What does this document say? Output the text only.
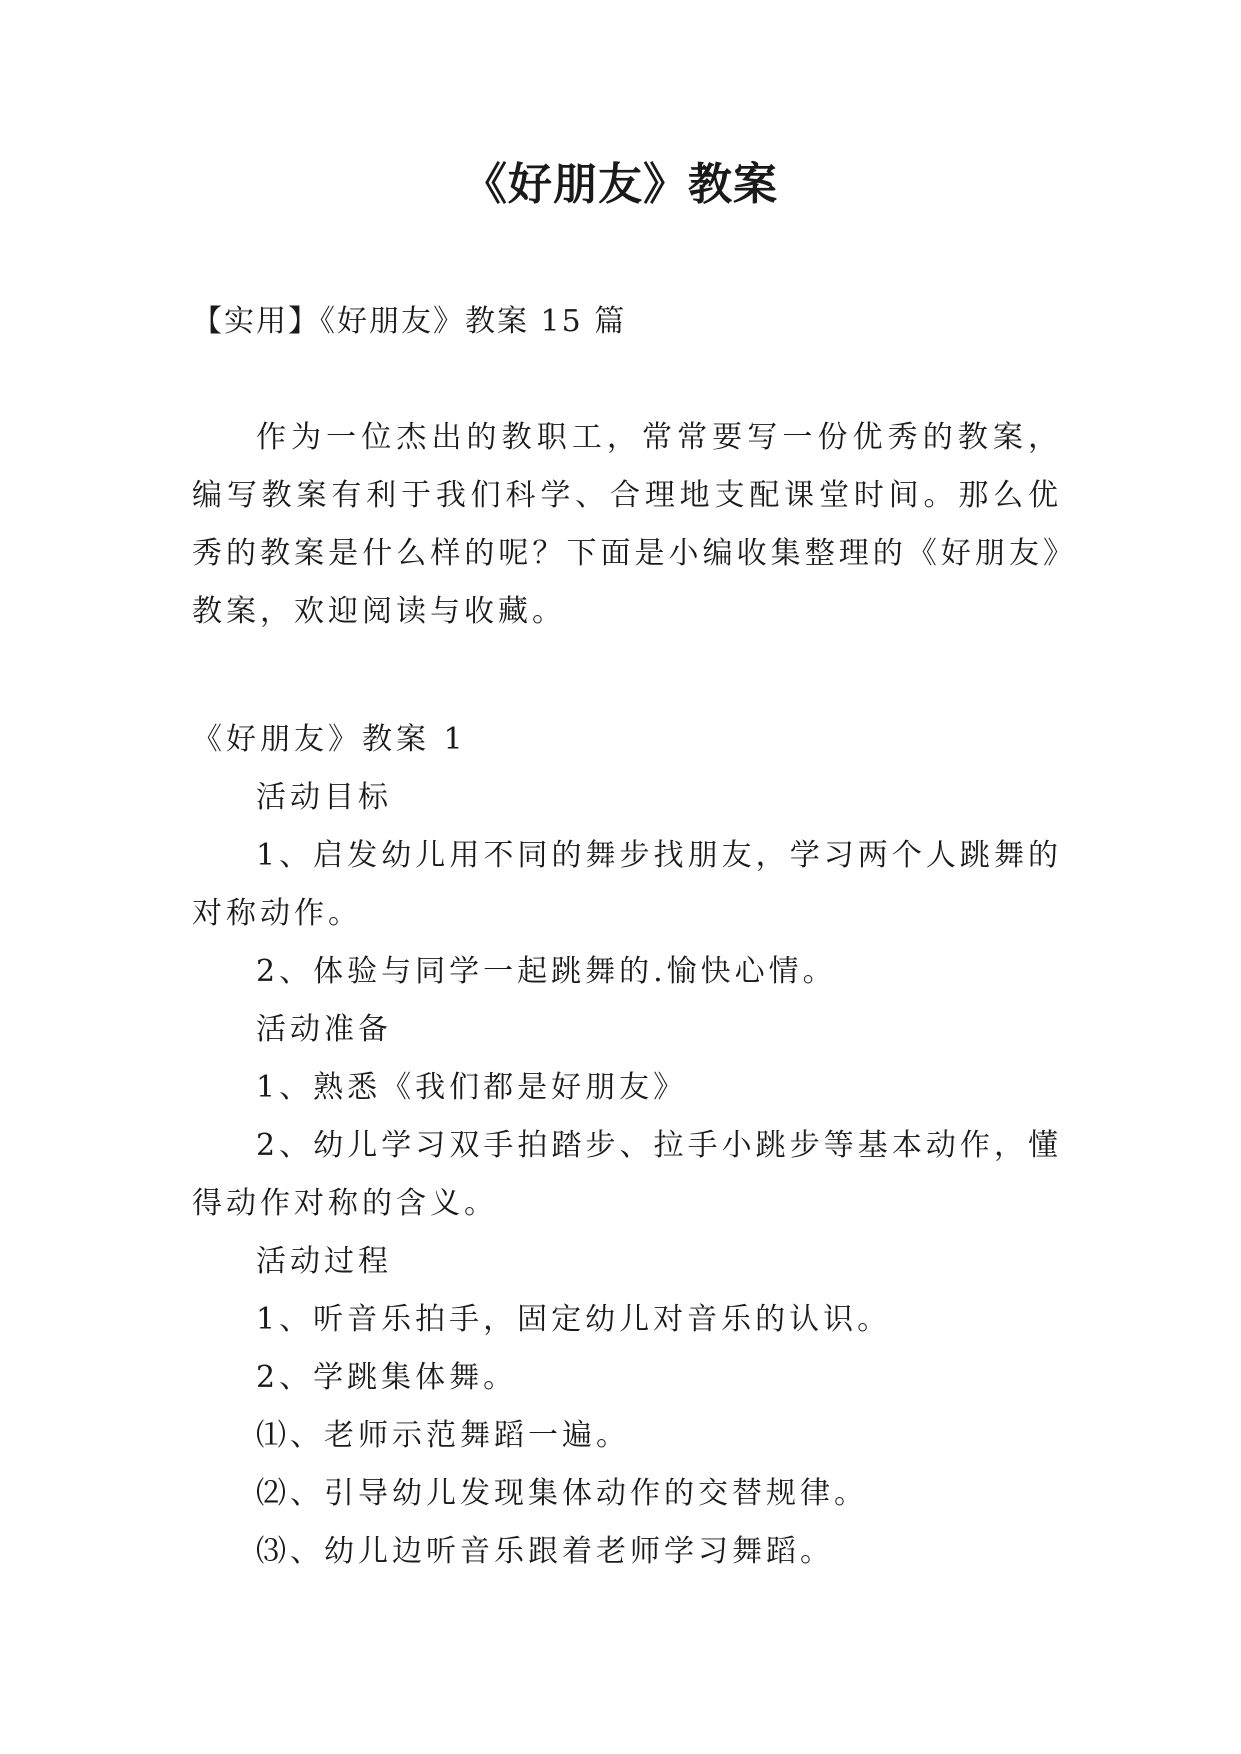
《好朋友》教案

【实用】《好朋友》教案 15 篇

作为一位杰出的教职工，常常要写一份优秀的教案，编写教案有利于我们科学、合理地支配课堂时间。那么优秀的教案是什么样的呢？下面是小编收集整理的《好朋友》教案，欢迎阅读与收藏。

《好朋友》教案 1

活动目标

1、启发幼儿用不同的舞步找朋友，学习两个人跳舞的对称动作。

2、体验与同学一起跳舞的.愉快心情。

活动准备

1、熟悉《我们都是好朋友》

2、幼儿学习双手拍踏步、拉手小跳步等基本动作，懂得动作对称的含义。

活动过程

1、听音乐拍手，固定幼儿对音乐的认识。

2、学跳集体舞。

⑴、老师示范舞蹈一遍。

⑵、引导幼儿发现集体动作的交替规律。

⑶、幼儿边听音乐跟着老师学习舞蹈。
